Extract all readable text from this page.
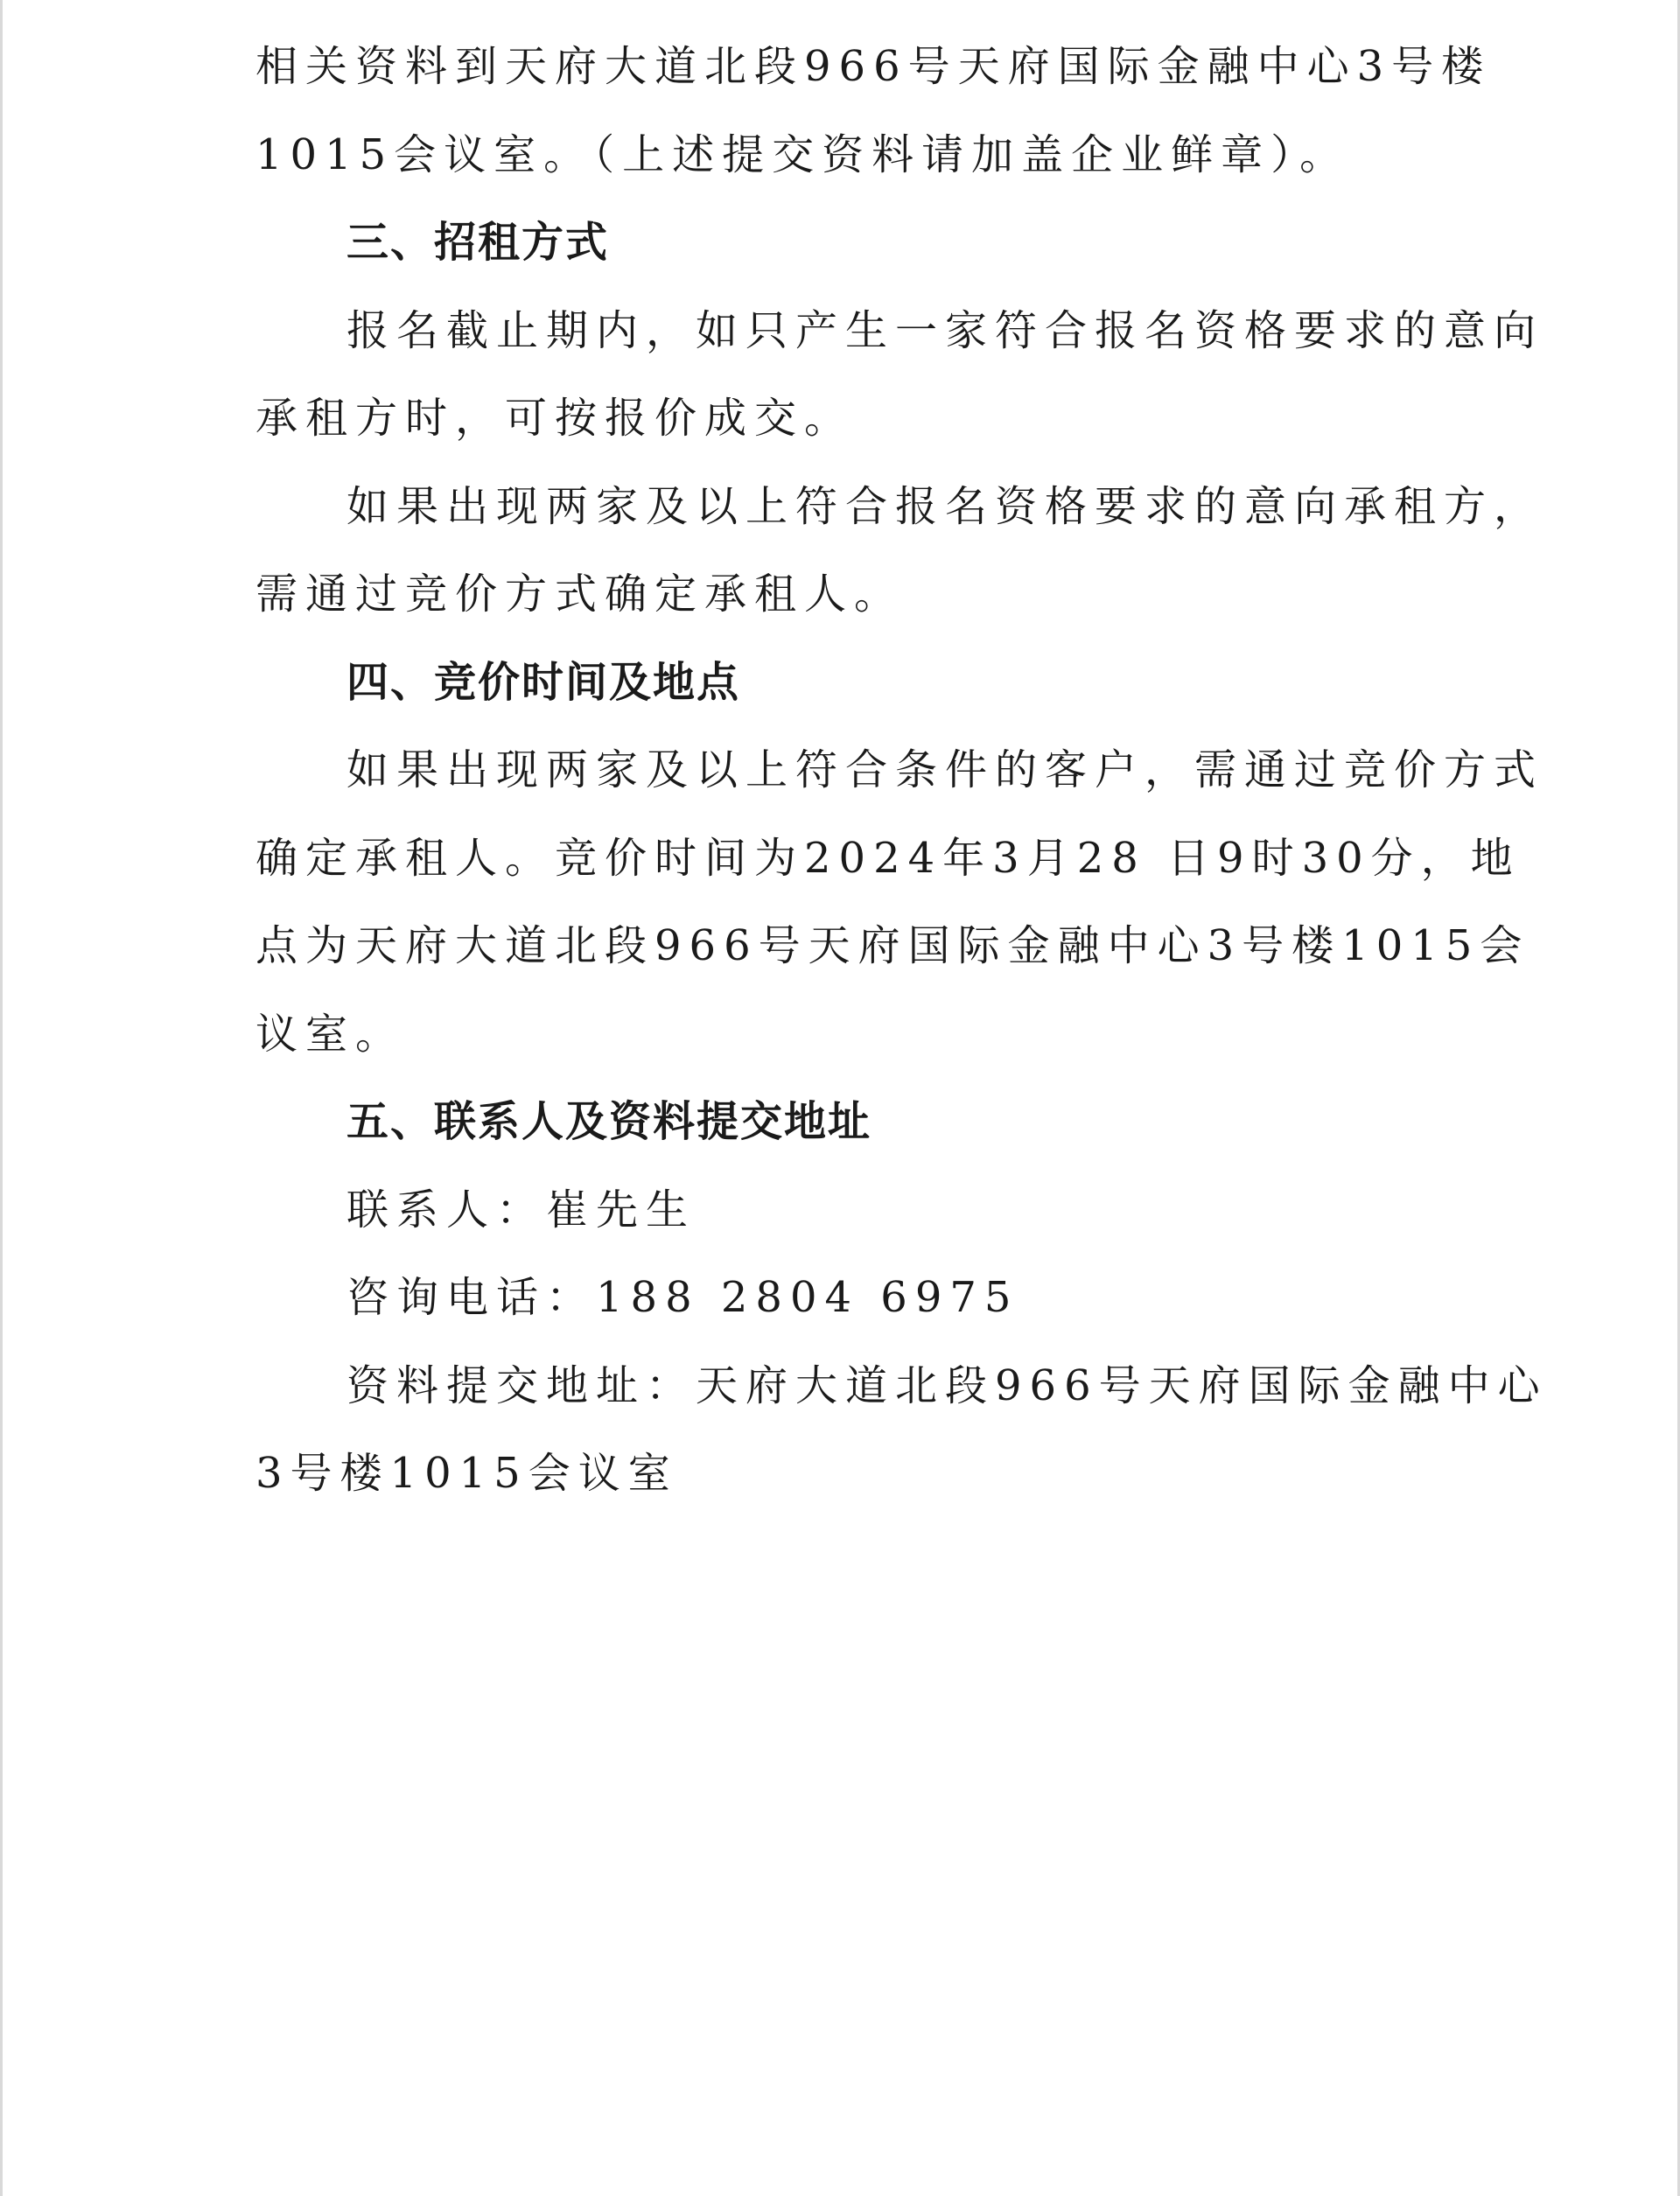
相关资料到天府大道北段966号天府国际金融中心3号楼
1015会议室。（上述提交资料请加盖企业鲜章）。
三、招租方式
报名截止期内，如只产生一家符合报名资格要求的意向
承租方时，可按报价成交。
如果出现两家及以上符合报名资格要求的意向承租方，
需通过竞价方式确定承租人。
四、竞价时间及地点
如果出现两家及以上符合条件的客户，需通过竞价方式
确定承租人。竞价时间为2024年3月28 日9时30分，地
点为天府大道北段966号天府国际金融中心3号楼1015会
议室。
五、联系人及资料提交地址
联系人：崔先生
咨询电话：188 2804 6975
资料提交地址：天府大道北段966号天府国际金融中心
3号楼1015会议室
